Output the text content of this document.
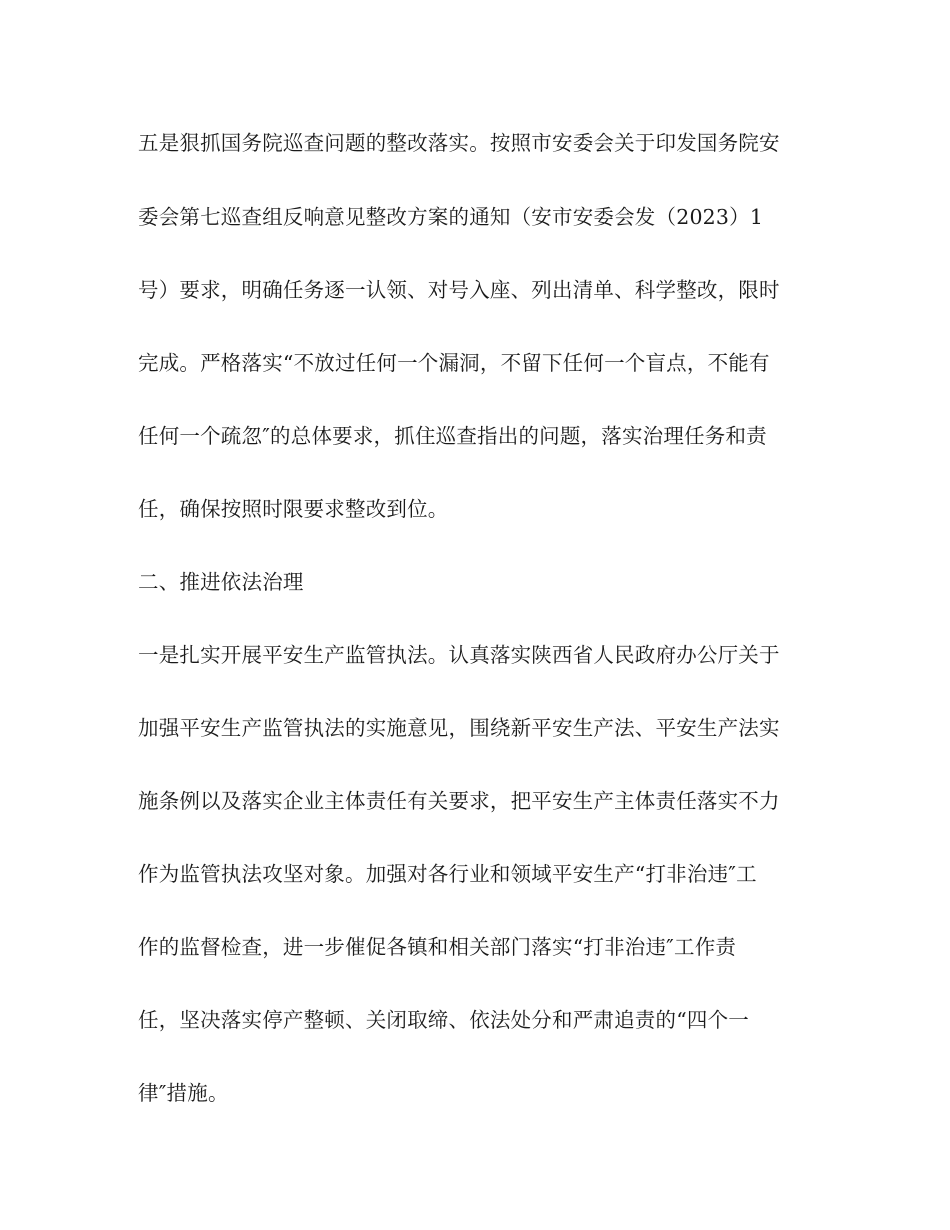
五是狠抓国务院巡查问题的整改落实。按照市安委会关于印发国务院安
委会第七巡查组反响意见整改方案的通知（安市安委会发（2023）1
号）要求，明确任务逐一认领、对号入座、列出清单、科学整改，限时
完成。严格落实“不放过任何一个漏洞，不留下任何一个盲点，不能有
任何一个疏忽″的总体要求，抓住巡查指出的问题，落实治理任务和责
任，确保按照时限要求整改到位。
二、推进依法治理
一是扎实开展平安生产监管执法。认真落实陕西省人民政府办公厅关于
加强平安生产监管执法的实施意见，围绕新平安生产法、平安生产法实
施条例以及落实企业主体责任有关要求，把平安生产主体责任落实不力
作为监管执法攻坚对象。加强对各行业和领域平安生产“打非治违″工
作的监督检查，进一步催促各镇和相关部门落实“打非治违″工作责
任，坚决落实停产整顿、关闭取缔、依法处分和严肃追责的“四个一
律″措施。
